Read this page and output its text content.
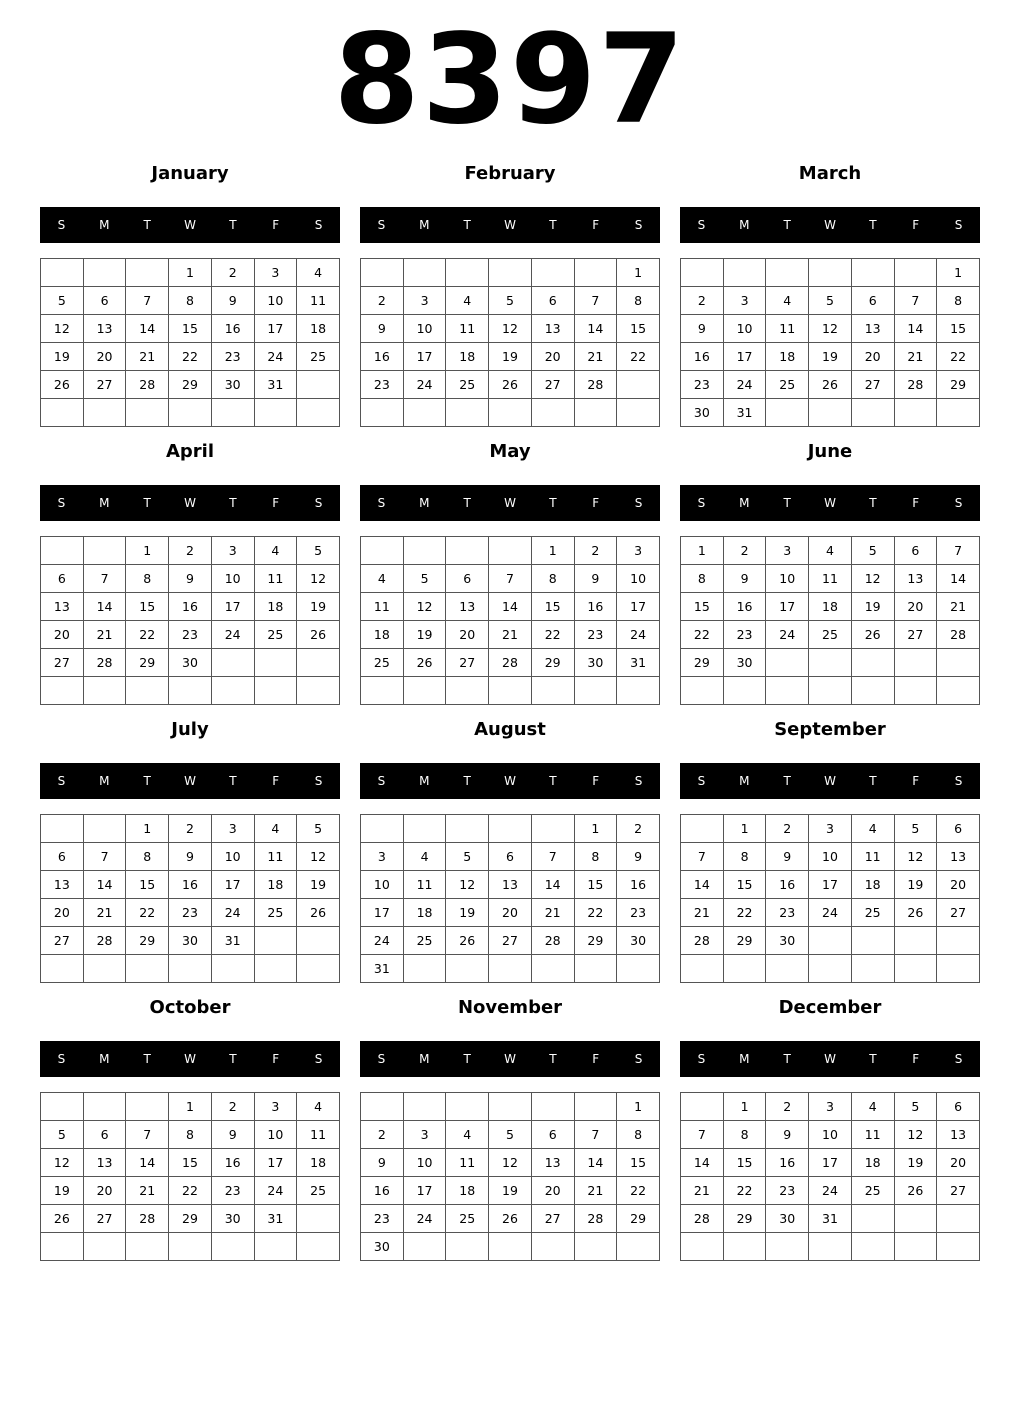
8397
January
S	M	T	W	T	F	S
			1	2	3	4
5	6	7	8	9	10	11
12	13	14	15	16	17	18
19	20	21	22	23	24	25
26	27	28	29	30	31	

February
S	M	T	W	T	F	S
						1
2	3	4	5	6	7	8
9	10	11	12	13	14	15
16	17	18	19	20	21	22
23	24	25	26	27	28	

March
S	M	T	W	T	F	S
						1
2	3	4	5	6	7	8
9	10	11	12	13	14	15
16	17	18	19	20	21	22
23	24	25	26	27	28	29
30	31					
April
S	M	T	W	T	F	S
		1	2	3	4	5
6	7	8	9	10	11	12
13	14	15	16	17	18	19
20	21	22	23	24	25	26
27	28	29	30			

May
S	M	T	W	T	F	S
				1	2	3
4	5	6	7	8	9	10
11	12	13	14	15	16	17
18	19	20	21	22	23	24
25	26	27	28	29	30	31

June
S	M	T	W	T	F	S
1	2	3	4	5	6	7
8	9	10	11	12	13	14
15	16	17	18	19	20	21
22	23	24	25	26	27	28
29	30					

July
S	M	T	W	T	F	S
		1	2	3	4	5
6	7	8	9	10	11	12
13	14	15	16	17	18	19
20	21	22	23	24	25	26
27	28	29	30	31		

August
S	M	T	W	T	F	S
					1	2
3	4	5	6	7	8	9
10	11	12	13	14	15	16
17	18	19	20	21	22	23
24	25	26	27	28	29	30
31						
September
S	M	T	W	T	F	S
	1	2	3	4	5	6
7	8	9	10	11	12	13
14	15	16	17	18	19	20
21	22	23	24	25	26	27
28	29	30				

October
S	M	T	W	T	F	S
			1	2	3	4
5	6	7	8	9	10	11
12	13	14	15	16	17	18
19	20	21	22	23	24	25
26	27	28	29	30	31	

November
S	M	T	W	T	F	S
						1
2	3	4	5	6	7	8
9	10	11	12	13	14	15
16	17	18	19	20	21	22
23	24	25	26	27	28	29
30						
December
S	M	T	W	T	F	S
	1	2	3	4	5	6
7	8	9	10	11	12	13
14	15	16	17	18	19	20
21	22	23	24	25	26	27
28	29	30	31			
